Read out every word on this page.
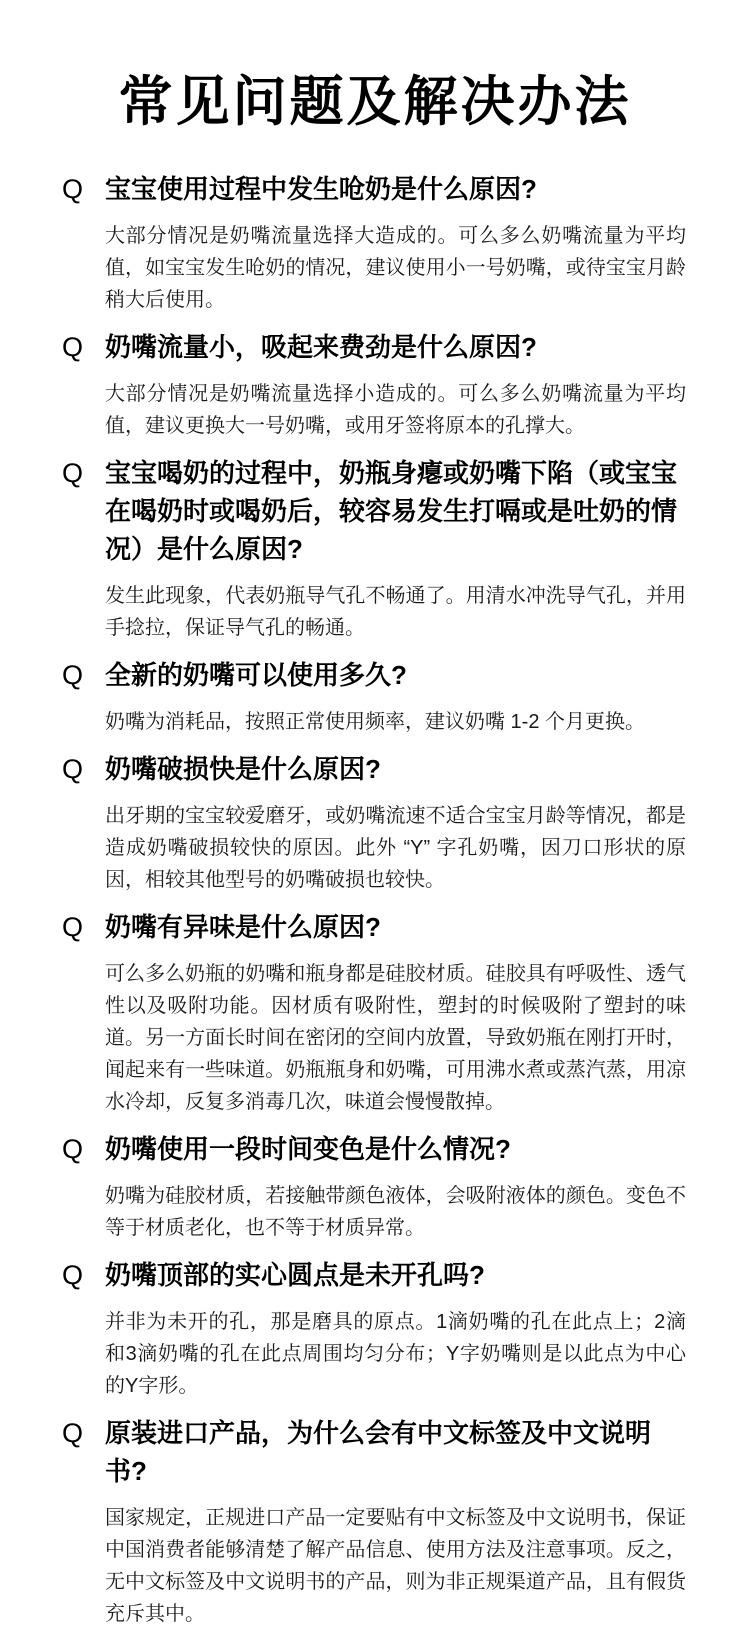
常见问题及解决办法
Q 宝宝使用过程中发生呛奶是什么原因?

大部分情况是奶嘴流量选择大造成的。可么多么奶嘴流量为平均值，如宝宝发生呛奶的情况，建议使用小一号奶嘴，或待宝宝月龄稍大后使用。

Q 奶嘴流量小，吸起来费劲是什么原因?

大部分情况是奶嘴流量选择小造成的。可么多么奶嘴流量为平均值，建议更换大一号奶嘴，或用牙签将原本的孔撑大。

Q 宝宝喝奶的过程中，奶瓶身瘪或奶嘴下陷（或宝宝在喝奶时或喝奶后，较容易发生打嗝或是吐奶的情况）是什么原因?

发生此现象，代表奶瓶导气孔不畅通了。用清水冲洗导气孔，并用手捻拉，保证导气孔的畅通。

Q 全新的奶嘴可以使用多久?

奶嘴为消耗品，按照正常使用频率，建议奶嘴 1-2 个月更换。

Q 奶嘴破损快是什么原因?

出牙期的宝宝较爱磨牙，或奶嘴流速不适合宝宝月龄等情况，都是造成奶嘴破损较快的原因。此外 “Y” 字孔奶嘴，因刀口形状的原因，相较其他型号的奶嘴破损也较快。

Q 奶嘴有异味是什么原因?

可么多么奶瓶的奶嘴和瓶身都是硅胶材质。硅胶具有呼吸性、透气性以及吸附功能。因材质有吸附性，塑封的时候吸附了塑封的味道。另一方面长时间在密闭的空间内放置，导致奶瓶在刚打开时，闻起来有一些味道。奶瓶瓶身和奶嘴，可用沸水煮或蒸汽蒸，用凉水冷却，反复多消毒几次，味道会慢慢散掉。

Q 奶嘴使用一段时间变色是什么情况?

奶嘴为硅胶材质，若接触带颜色液体，会吸附液体的颜色。变色不等于材质老化，也不等于材质异常。

Q 奶嘴顶部的实心圆点是未开孔吗?

并非为未开的孔，那是磨具的原点。1滴奶嘴的孔在此点上；2滴和3滴奶嘴的孔在此点周围均匀分布；Y字奶嘴则是以此点为中心的Y字形。

Q 原装进口产品，为什么会有中文标签及中文说明书?

国家规定，正规进口产品一定要贴有中文标签及中文说明书，保证中国消费者能够清楚了解产品信息、使用方法及注意事项。反之，无中文标签及中文说明书的产品，则为非正规渠道产品，且有假货充斥其中。
